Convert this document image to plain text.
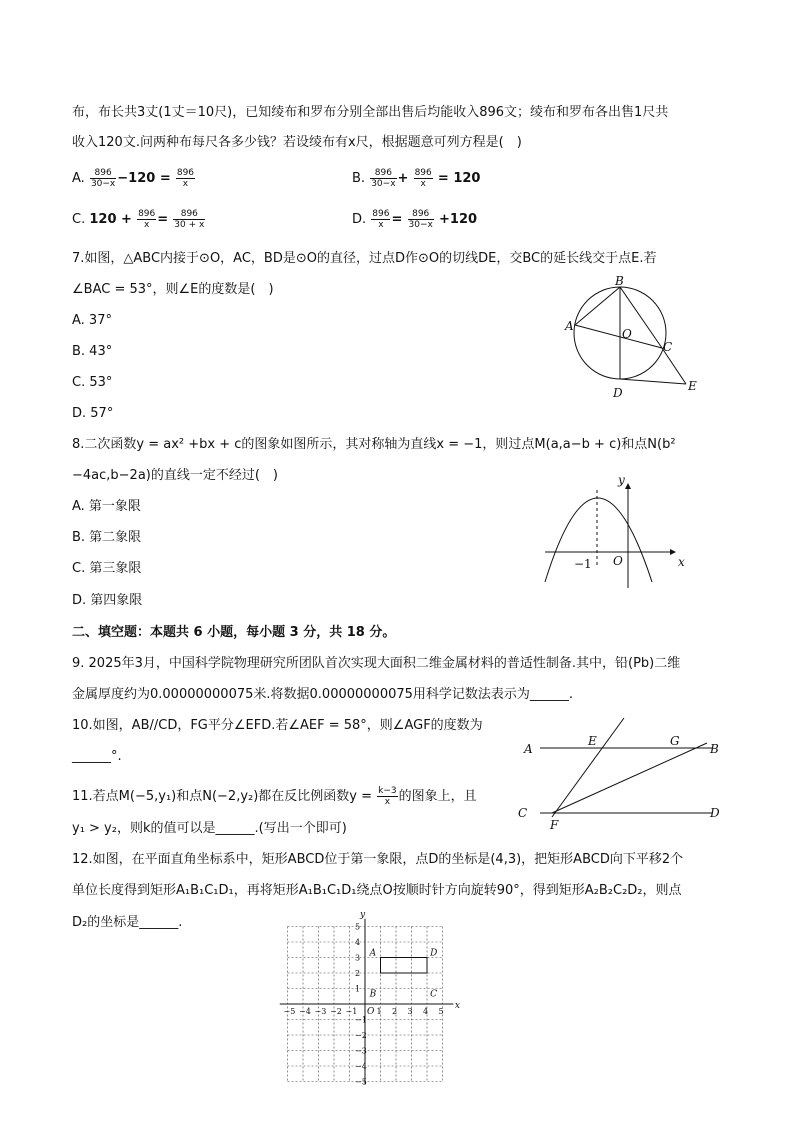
布，布长共3丈(1丈＝10尺)，已知绫布和罗布分别全部出售后均能收入896文；绫布和罗布各出售1尺共
收入120文.问两种布每尺各多少钱？若设绫布有x尺，根据题意可列方程是(　)
A. $\frac{896}{30-x} -120 = \frac{896}{x}$	B. $\frac{896}{30-x} + \frac{896}{x} = 120$
C. $120 + \frac{896}{x} = \frac{896}{30 + x}$	D. $\frac{896}{x} = \frac{896}{30-x} +120$
7.如图，△ABC内接于⊙O，AC，BD是⊙O的直径，过点D作⊙O的切线DE，交BC的延长线交于点E.若
∠BAC = 53°，则∠E的度数是(　)
A. 37°
B. 43°
C. 53°
D. 57°
B
A
O
C
D	E
8.二次函数y = ax² +bx + c的图象如图所示，其对称轴为直线x = −1，则过点M(a,a−b + c)和点N(b²
−4ac,b−2a)的直线一定不经过(　)
A. 第一象限
B. 第二象限
C. 第三象限
D. 第四象限
y
x
O
−1
二、填空题：本题共 6 小题，每小题 3 分，共 18 分。
9. 2025年3月，中国科学院物理研究所团队首次实现大面积二维金属材料的普适性制备.其中，铅(Pb)二维
金属厚度约为0.00000000075米.将数据0.00000000075用科学记数法表示为______.
10.如图，AB//CD，FG平分∠EFD.若∠AEF = 58°，则∠AGF的度数为
______°.	A
E	G
B
C
F
D
11.若点M(−5,y₁)和点N(−2,y₂)都在反比例函数$y = \frac{k-3}{x}$ 的图象上，且
y₁ > y₂，则k的值可以是______.(写出一个即可)
12.如图，在平面直角坐标系中，矩形ABCD位于第一象限，点D的坐标是(4,3)，把矩形ABCD向下平移2个
单位长度得到矩形A₁B₁C₁D₁，再将矩形A₁B₁C₁D₁绕点O按顺时针方向旋转90°，得到矩形A₂B₂C₂D₂，则点
D₂的坐标是______.
−5 −4 −3 −2 −1 1 2 3 4 5
5
4
3
2
1
−1
−2
−3
−4
−5
x
y
O
A	D
B	C
